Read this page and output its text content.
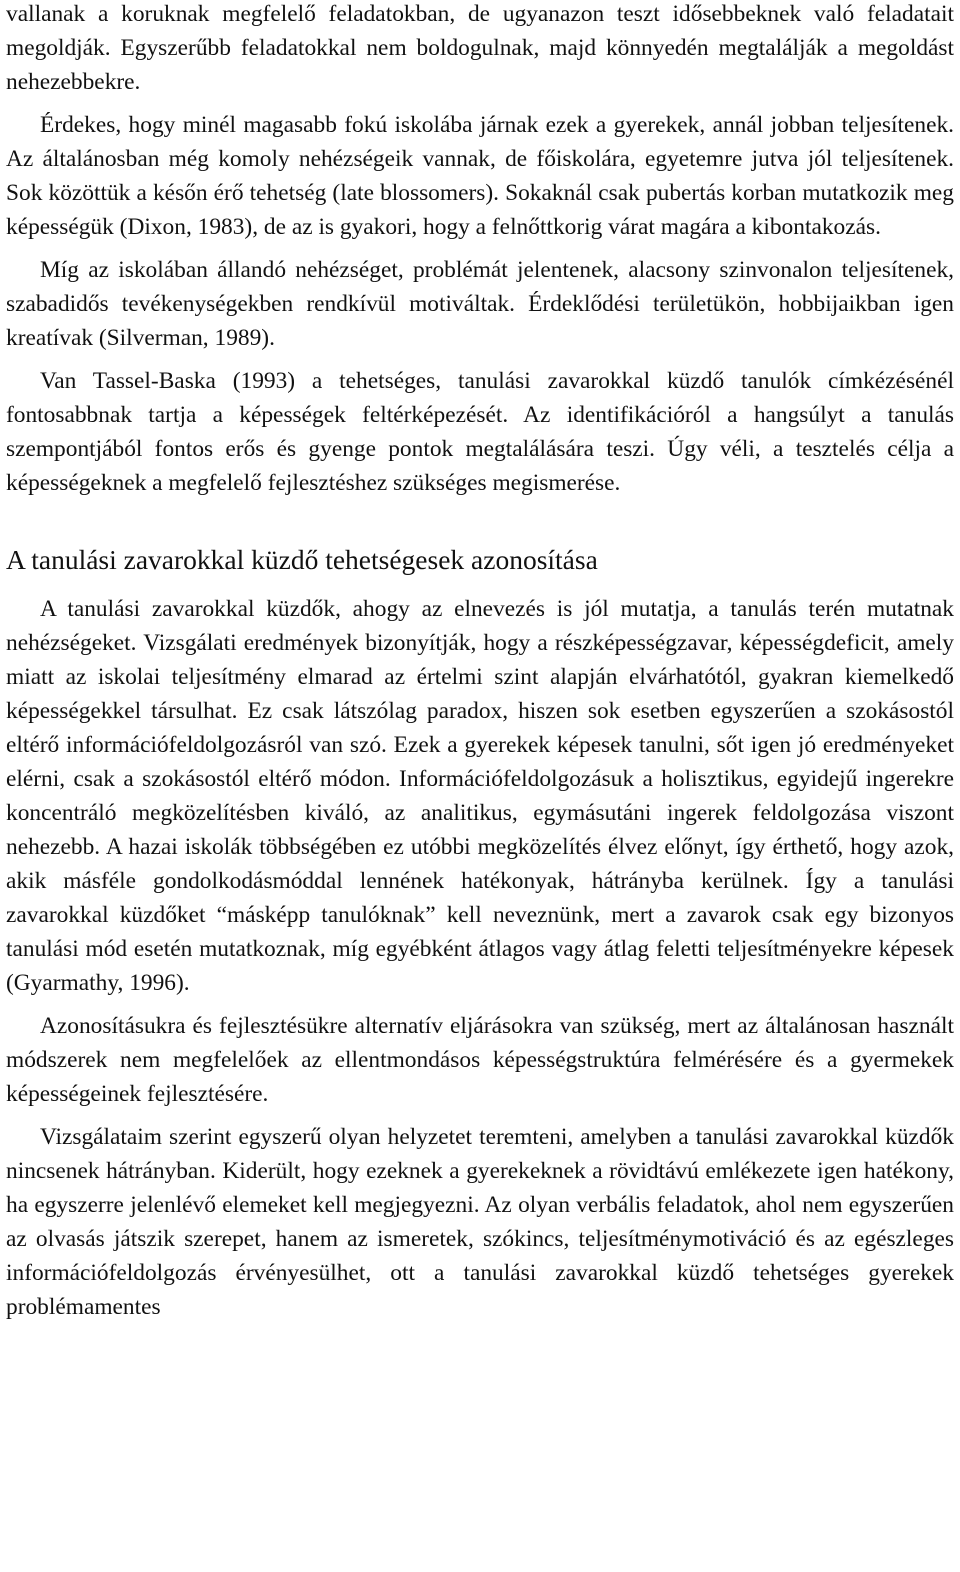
vallanak a koruknak megfelelő feladatokban, de ugyanazon teszt idősebbeknek való feladatait megoldják. Egyszerűbb feladatokkal nem boldogulnak, majd könnyedén megtalálják a megoldást nehezebbekre.

Érdekes, hogy minél magasabb fokú iskolába járnak ezek a gyerekek, annál jobban teljesítenek. Az általánosban még komoly nehézségeik vannak, de főiskolára, egyetemre jutva jól teljesítenek. Sok közöttük a későn érő tehetség (late blossomers). Sokaknál csak pubertás korban mutatkozik meg képességük (Dixon, 1983), de az is gyakori, hogy a felnőttkorig várat magára a kibontakozás.

Míg az iskolában állandó nehézséget, problémát jelentenek, alacsony szinvonalon teljesítenek, szabadidős tevékenységekben rendkívül motiváltak. Érdeklődési területükön, hobbijaikban igen kreatívak (Silverman, 1989).

Van Tassel-Baska (1993) a tehetséges, tanulási zavarokkal küzdő tanulók címkézésénél fontosabbnak tartja a képességek feltérképezését. Az identifikációról a hangsúlyt a tanulás szempontjából fontos erős és gyenge pontok megtalálására teszi. Úgy véli, a tesztelés célja a képességeknek a megfelelő fejlesztéshez szükséges megismerése.

A tanulási zavarokkal küzdő tehetségesek azonosítása

A tanulási zavarokkal küzdők, ahogy az elnevezés is jól mutatja, a tanulás terén mutatnak nehézségeket. Vizsgálati eredmények bizonyítják, hogy a részképességzavar, képességdeficit, amely miatt az iskolai teljesítmény elmarad az értelmi szint alapján elvárhatótól, gyakran kiemelkedő képességekkel társulhat. Ez csak látszólag paradox, hiszen sok esetben egyszerűen a szokásostól eltérő információfeldolgozásról van szó. Ezek a gyerekek képesek tanulni, sőt igen jó eredményeket elérni, csak a szokásostól eltérő módon. Információfeldolgozásuk a holisztikus, egyidejű ingerekre koncentráló megközelítésben kiváló, az analitikus, egymásutáni ingerek feldolgozása viszont nehezebb. A hazai iskolák többségében ez utóbbi megközelítés élvez előnyt, így érthető, hogy azok, akik másféle gondolkodásmóddal lennének hatékonyak, hátrányba kerülnek. Így a tanulási zavarokkal küzdőket “másképp tanulóknak” kell neveznünk, mert a zavarok csak egy bizonyos tanulási mód esetén mutatkoznak, míg egyébként átlagos vagy átlag feletti teljesítményekre képesek (Gyarmathy, 1996).

Azonosításukra és fejlesztésükre alternatív eljárásokra van szükség, mert az általánosan használt módszerek nem megfelelőek az ellentmondásos képességstruktúra felmérésére és a gyermekek képességeinek fejlesztésére.

Vizsgálataim szerint egyszerű olyan helyzetet teremteni, amelyben a tanulási zavarokkal küzdők nincsenek hátrányban. Kiderült, hogy ezeknek a gyerekeknek a rövidtávú emlékezete igen hatékony, ha egyszerre jelenlévő elemeket kell megjegyezni. Az olyan verbális feladatok, ahol nem egyszerűen az olvasás játszik szerepet, hanem az ismeretek, szókincs, teljesítménymotiváció és az egészleges információfeldolgozás érvényesülhet, ott a tanulási zavarokkal küzdő tehetséges gyerekek problémamentes
